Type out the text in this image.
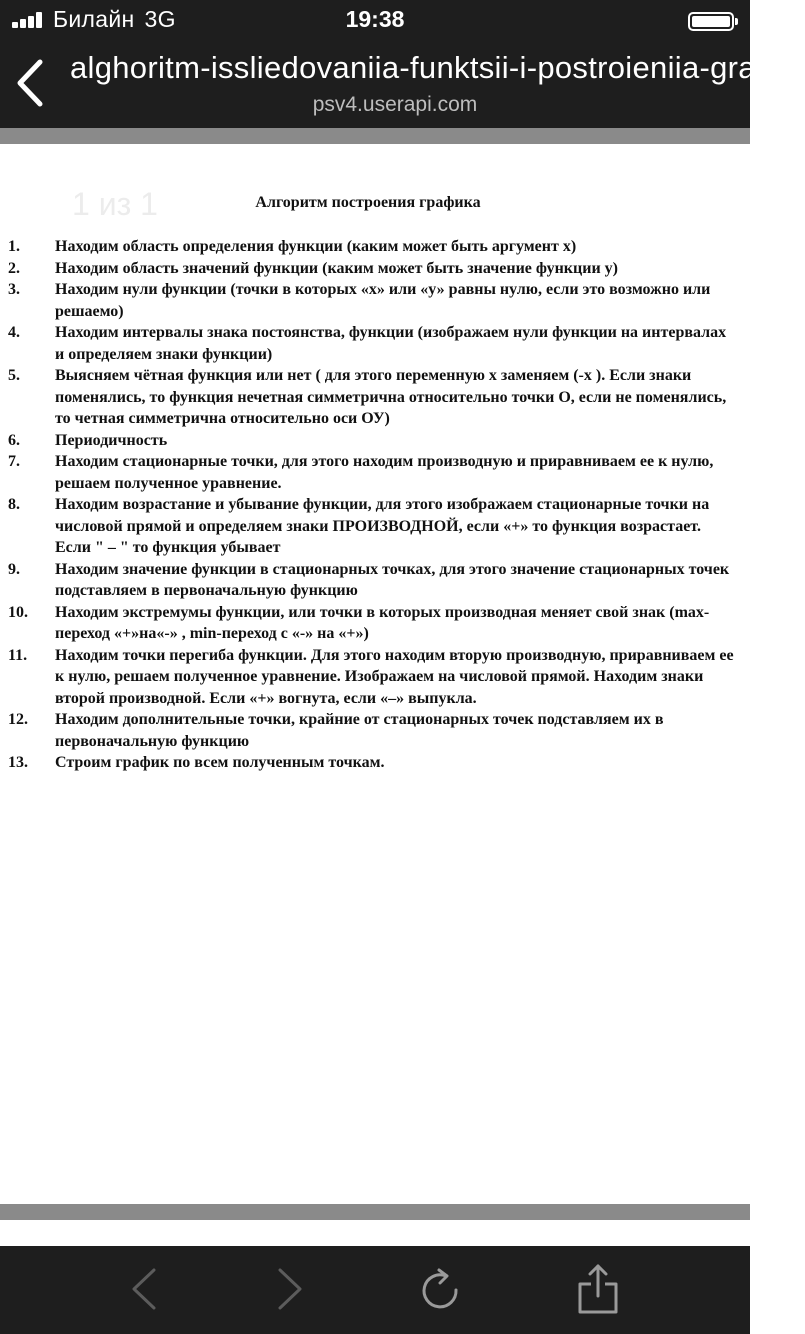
Билайн 3G	19:38
alghoritm-issliedovaniia-funktsii-i-postroieniia-grafika
psv4.userapi.com
1 из 1	Алгоритм построения графика
1.	Находим область определения функции (каким может быть аргумент х)
2.	Находим область значений функции (каким может быть значение функции у)
3.	Находим нули функции (точки в которых «х» или «у» равны нулю, если это возможно или решаемо)
4.	Находим интервалы знака постоянства, функции (изображаем нули функции на интервалах и определяем знаки функции)
5.	Выясняем чётная функция или нет ( для этого переменную х заменяем (-х ). Если знаки поменялись, то функция нечетная симметрична относительно точки О, если не поменялись, то четная симметрична относительно оси ОУ)
6.	Периодичность
7.	Находим стационарные точки, для этого находим производную и приравниваем ее к нулю, решаем полученное уравнение.
8.	Находим возрастание и убывание функции, для этого изображаем стационарные точки на числовой прямой и определяем знаки ПРОИЗВОДНОЙ, если «+» то функция возрастает. Если " – " то функция убывает
9.	Находим значение функции в стационарных точках, для этого значение стационарных точек подставляем в первоначальную функцию
10.	Находим экстремумы функции, или точки в которых производная меняет свой знак (max- переход «+»на«-» , min-переход с «-» на «+»)
11.	Находим точки перегиба функции. Для этого находим вторую производную, приравниваем ее к нулю, решаем полученное уравнение. Изображаем на числовой прямой. Находим знаки второй производной. Если «+» вогнута, если «–» выпукла.
12.	Находим дополнительные точки, крайние от стационарных точек подставляем их в первоначальную функцию
13.	Строим график по всем полученным точкам.
